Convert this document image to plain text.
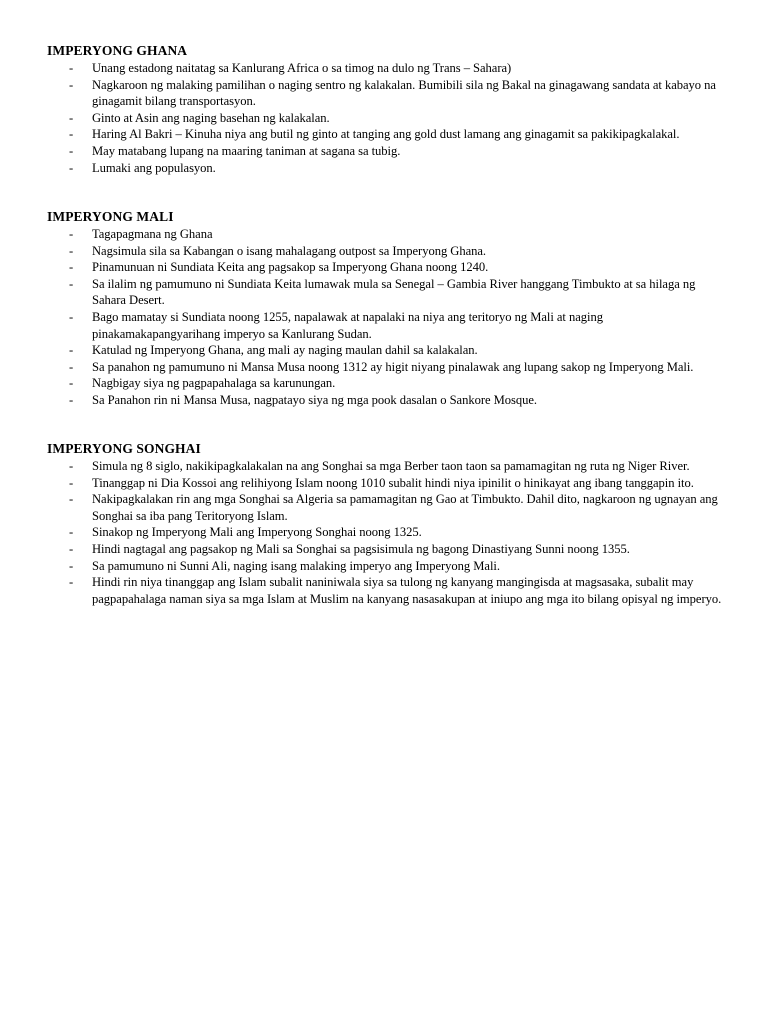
IMPERYONG GHANA
- Unang estadong naitatag sa Kanlurang Africa o sa timog na dulo ng Trans – Sahara)
- Nagkaroon ng malaking pamilihan o naging sentro ng kalakalan. Bumibili sila ng Bakal na ginagawang sandata at kabayo na ginagamit bilang transportasyon.
- Ginto at Asin ang naging basehan ng kalakalan.
- Haring Al Bakri – Kinuha niya ang butil ng ginto at tanging ang gold dust lamang ang ginagamit sa pakikipagkalakal.
- May matabang lupang na maaring taniman at sagana sa tubig.
- Lumaki ang populasyon.
IMPERYONG MALI
- Tagapagmana ng Ghana
- Nagsimula sila sa Kabangan o isang mahalagang outpost sa Imperyong Ghana.
- Pinamunuan ni Sundiata Keita ang pagsakop sa Imperyong Ghana noong 1240.
- Sa ilalim ng pamumuno ni Sundiata Keita lumawak mula sa Senegal – Gambia River hanggang Timbukto at sa hilaga ng Sahara Desert.
- Bago mamatay si Sundiata noong 1255, napalawak at napalaki na niya ang teritoryo ng Mali at naging pinakamakapangyarihang imperyo sa Kanlurang Sudan.
- Katulad ng Imperyong Ghana, ang mali ay naging maulan dahil sa kalakalan.
- Sa panahon ng pamumuno ni Mansa Musa noong 1312 ay higit niyang pinalawak ang lupang sakop ng Imperyong Mali.
- Nagbigay siya ng pagpapahalaga sa karunungan.
- Sa Panahon rin ni Mansa Musa, nagpatayo siya ng mga pook dasalan o Sankore Mosque.
IMPERYONG SONGHAI
- Simula ng 8 siglo, nakikipagkalakalan na ang Songhai sa mga Berber taon taon sa pamamagitan ng ruta ng Niger River.
- Tinanggap ni Dia Kossoi ang relihiyong Islam noong 1010 subalit hindi niya ipinilit o hinikayat ang ibang tanggapin ito.
- Nakipagkalakan rin ang mga Songhai sa Algeria sa pamamagitan ng Gao at Timbukto. Dahil dito, nagkaroon ng ugnayan ang Songhai sa iba pang Teritoryong Islam.
- Sinakop ng Imperyong Mali ang Imperyong Songhai noong 1325.
- Hindi nagtagal ang pagsakop ng Mali sa Songhai sa pagsisimula ng bagong Dinastiyang Sunni noong 1355.
- Sa pamumuno ni Sunni Ali, naging isang malaking imperyo ang Imperyong Mali.
- Hindi rin niya tinanggap ang Islam subalit naniniwala siya sa tulong ng kanyang mangingisda at magsasaka, subalit may pagpapahalaga naman siya sa mga Islam at Muslim na kanyang nasasakupan at iniupo ang mga ito bilang opisyal ng imperyo.
